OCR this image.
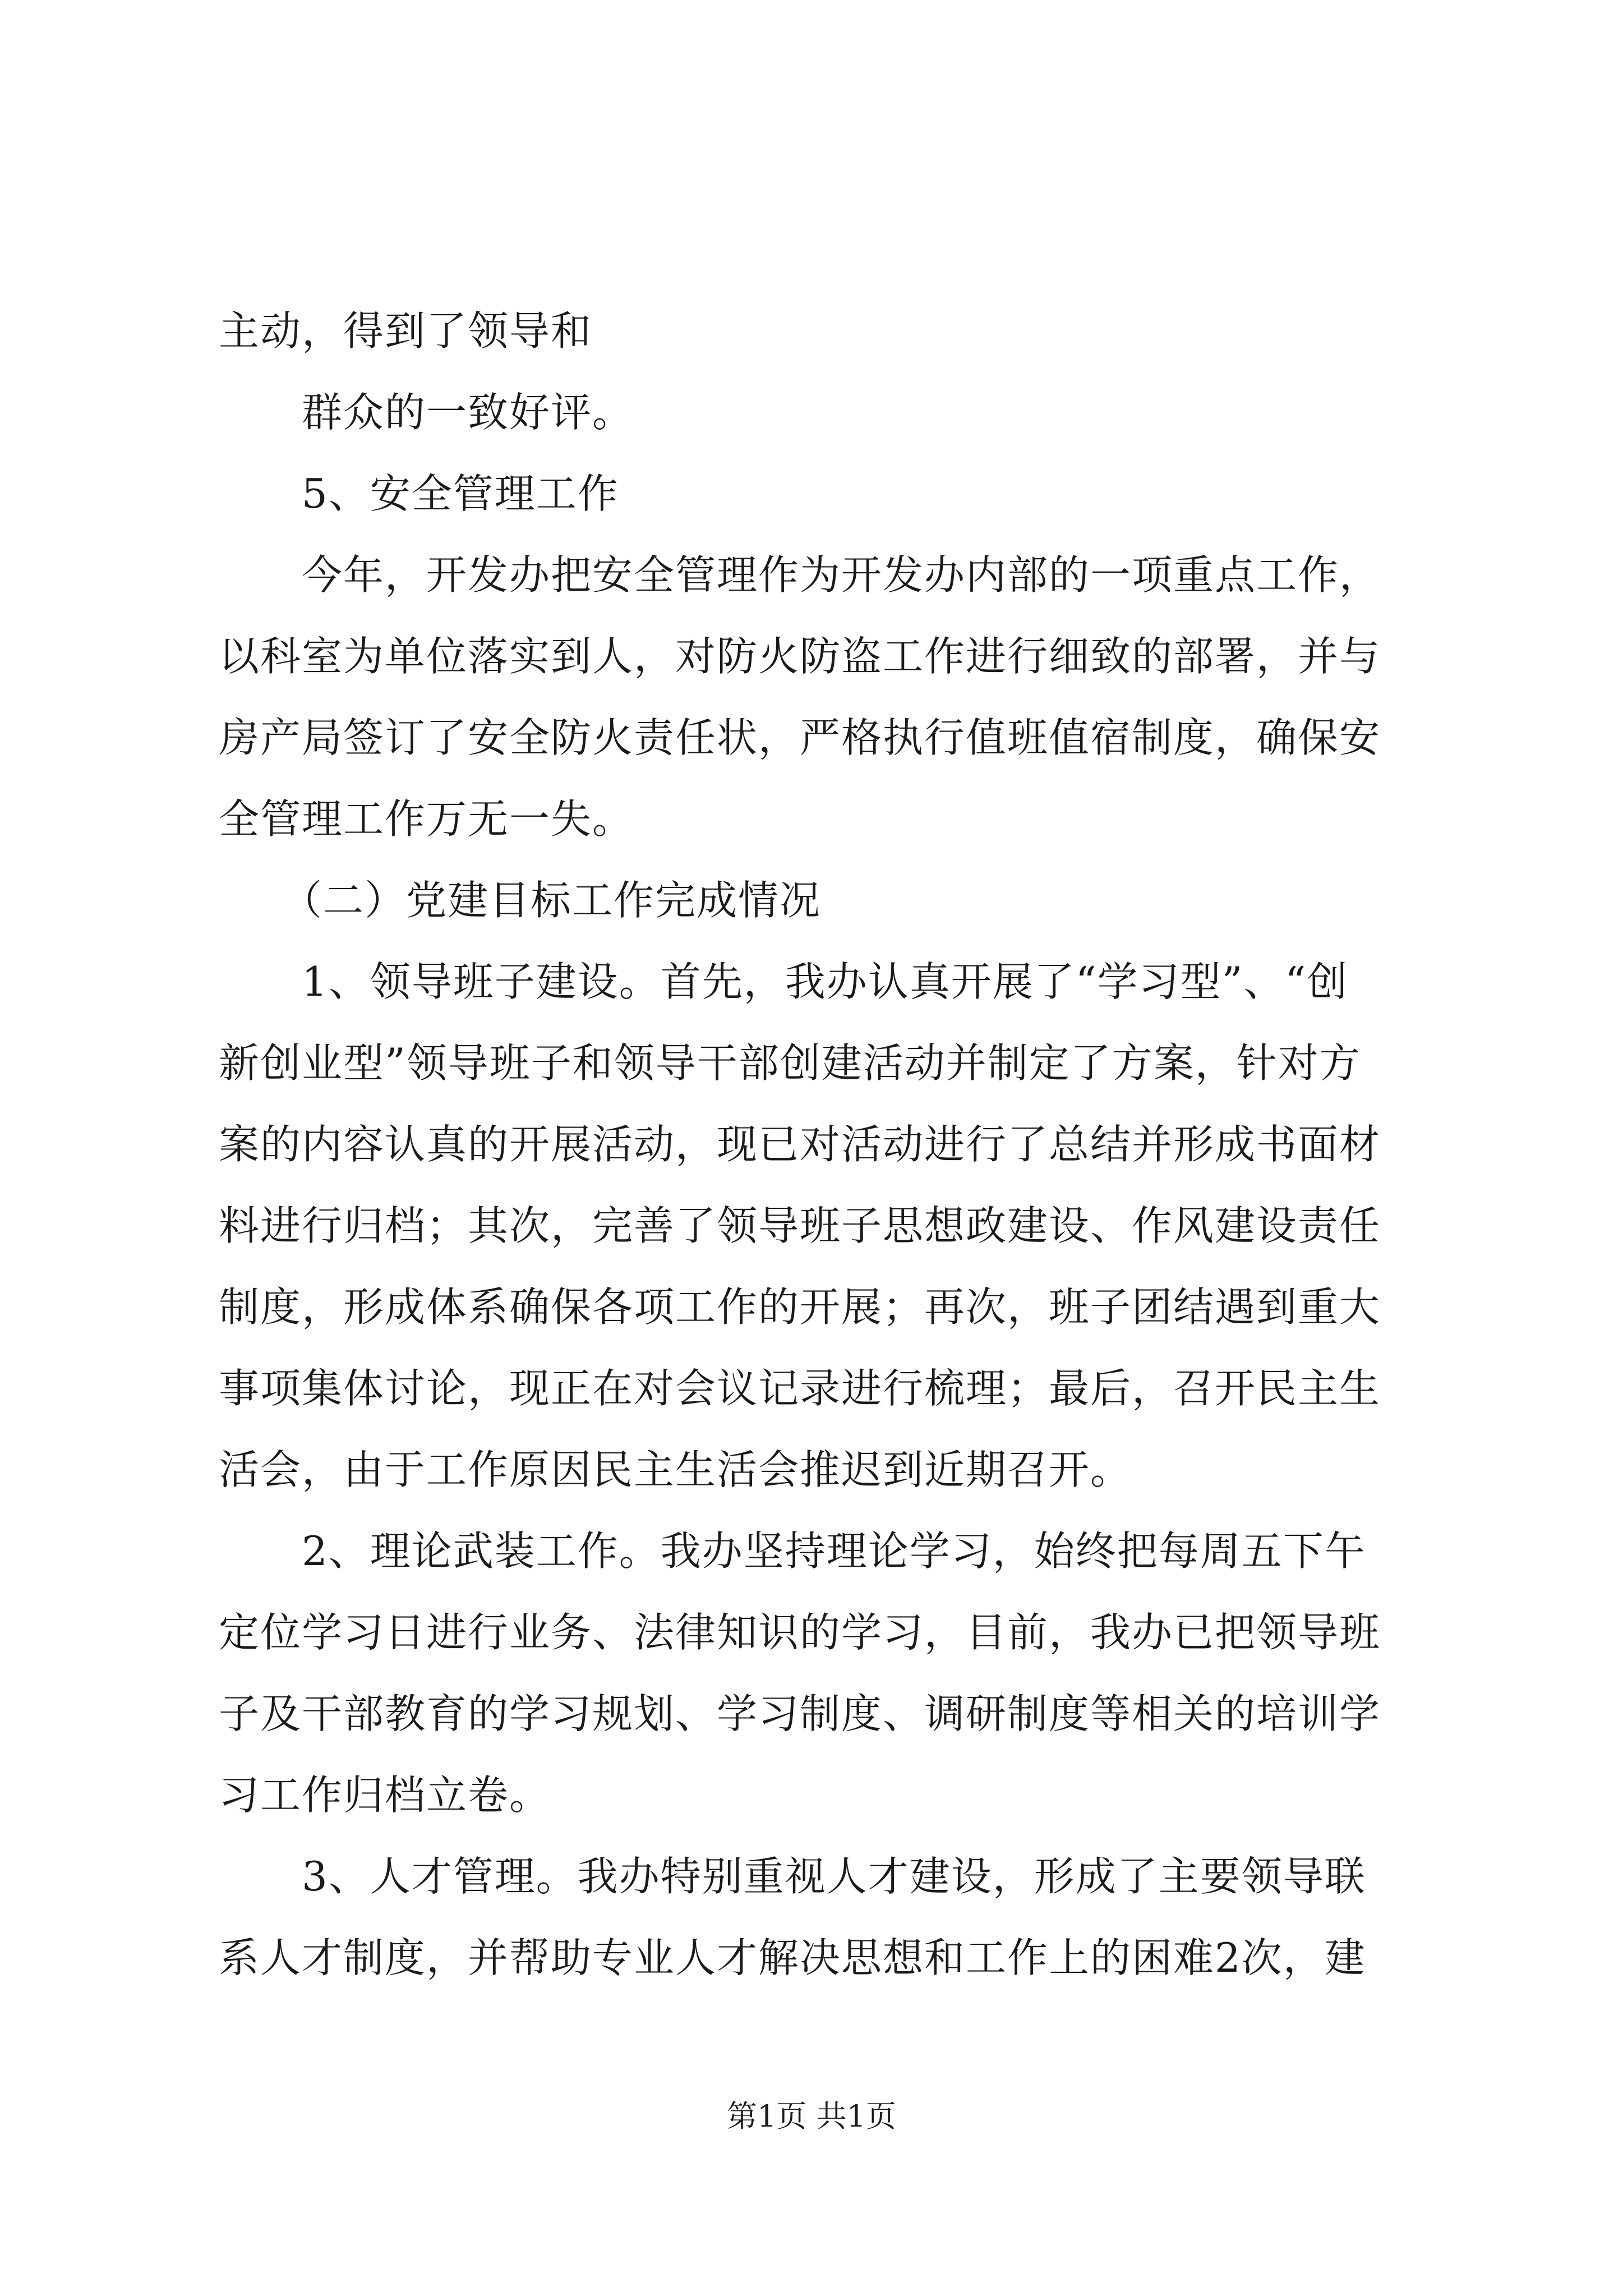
主动，得到了领导和

　　群众的一致好评。

　　5、安全管理工作

　　今年，开发办把安全管理作为开发办内部的一项重点工作，

以科室为单位落实到人，对防火防盗工作进行细致的部署，并与

房产局签订了安全防火责任状，严格执行值班值宿制度，确保安

全管理工作万无一失。

　　（二）党建目标工作完成情况

　　1、领导班子建设。首先，我办认真开展了“学习型”、“创

新创业型”领导班子和领导干部创建活动并制定了方案，针对方

案的内容认真的开展活动，现已对活动进行了总结并形成书面材

料进行归档；其次，完善了领导班子思想政建设、作风建设责任

制度，形成体系确保各项工作的开展；再次，班子团结遇到重大

事项集体讨论，现正在对会议记录进行梳理；最后，召开民主生

活会，由于工作原因民主生活会推迟到近期召开。

　　2、理论武装工作。我办坚持理论学习，始终把每周五下午

定位学习日进行业务、法律知识的学习，目前，我办已把领导班

子及干部教育的学习规划、学习制度、调研制度等相关的培训学

习工作归档立卷。

　　3、人才管理。我办特别重视人才建设，形成了主要领导联

系人才制度，并帮助专业人才解决思想和工作上的困难2次，建

第1页 共1页
